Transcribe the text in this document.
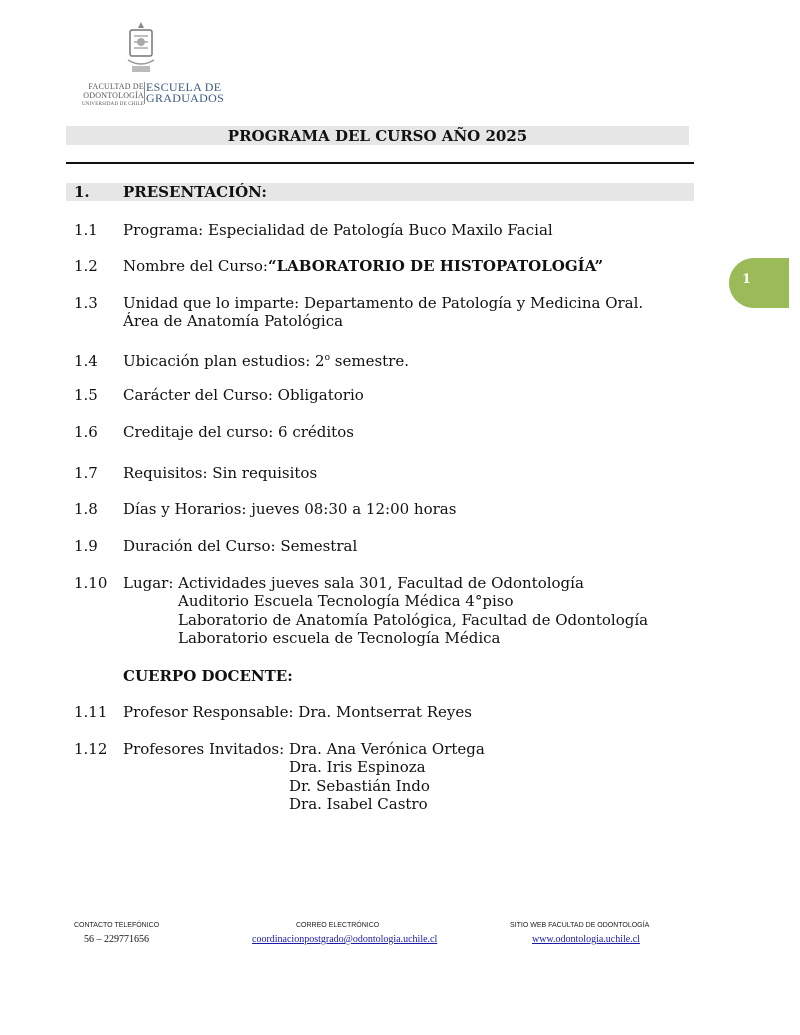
FACULTAD DE
ODONTOLOGÍA
UNIVERSIDAD DE CHILE
ESCUELA DE
GRADUADOS
PROGRAMA DEL CURSO AÑO 2025
1. PRESENTACIÓN:
1
1.1 Programa: Especialidad de Patología Buco Maxilo Facial
1.2 Nombre del Curso:“LABORATORIO DE HISTOPATOLOGÍA”
1.3 Unidad que lo imparte: Departamento de Patología y Medicina Oral.
Área de Anatomía Patológica
1.4 Ubicación plan estudios: 2$^o$ semestre.
1.5 Carácter del Curso: Obligatorio
1.6 Creditaje del curso: 6 créditos
1.7 Requisitos: Sin requisitos
1.8 Días y Horarios: jueves 08:30 a 12:00 horas
1.9 Duración del Curso: Semestral
1.10 Lugar: Actividades jueves sala 301, Facultad de Odontología
Auditorio Escuela Tecnología Médica 4°piso
Laboratorio de Anatomía Patológica, Facultad de Odontología
Laboratorio escuela de Tecnología Médica
CUERPO DOCENTE:
1.11 Profesor Responsable: Dra. Montserrat Reyes
1.12 Profesores Invitados: Dra. Ana Verónica Ortega
Dra. Iris Espinoza
Dr. Sebastián Indo
Dra. Isabel Castro
CONTACTO TELEFÓNICO
56 – 229771656
CORREO ELECTRÓNICO
coordinacionpostgrado@odontologia.uchile.cl
SITIO WEB FACULTAD DE ODONTOLOGÍA
www.odontologia.uchile.cl
